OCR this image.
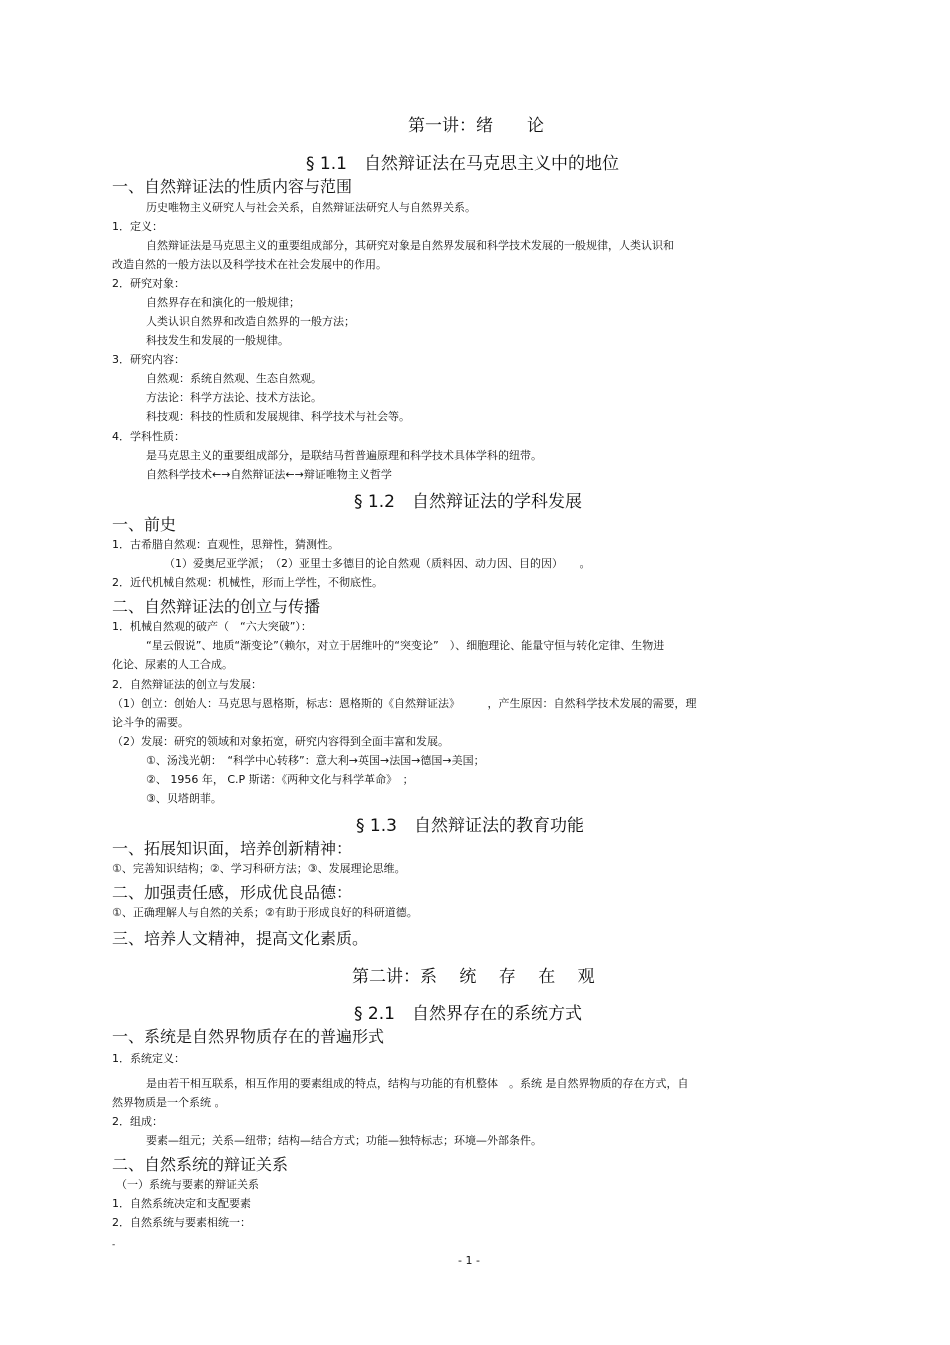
第一讲：绪　　论
§ 1.1　自然辩证法在马克思主义中的地位
一、自然辩证法的性质内容与范围
历史唯物主义研究人与社会关系，自然辩证法研究人与自然界关系。
1．定义：
自然辩证法是马克思主义的重要组成部分，其研究对象是自然界发展和科学技术发展的一般规律，人类认识和
改造自然的一般方法以及科学技术在社会发展中的作用。
2．研究对象：
自然界存在和演化的一般规律；
人类认识自然界和改造自然界的一般方法；
科技发生和发展的一般规律。
3．研究内容：
自然观：系统自然观、生态自然观。
方法论：科学方法论、技术方法论。
科技观：科技的性质和发展规律、科学技术与社会等。
4．学科性质：
是马克思主义的重要组成部分，是联结马哲普遍原理和科学技术具体学科的纽带。
自然科学技术←→自然辩证法←→辩证唯物主义哲学
§ 1.2　自然辩证法的学科发展
一、前史
1．古希腊自然观：直观性，思辩性，猜测性。
（1）爱奥尼亚学派；　（2）亚里士多德目的论自然观（质料因、动力因、目的因）　　。
2．近代机械自然观：机械性，形而上学性，不彻底性。
二、自然辩证法的创立与传播
1．机械自然观的破产（　“六大突破”）：
“星云假说”、地质“渐变论”（赖尔，对立于居维叶的“突变论”　）、细胞理论、能量守恒与转化定律、生物进
化论、尿素的人工合成。
2．自然辩证法的创立与发展：
（1）创立：创始人：马克思与恩格斯，标志：恩格斯的《自然辩证法》　　　，产生原因：自然科学技术发展的需要，理
论斗争的需要。
（2）发展：研究的领域和对象拓宽，研究内容得到全面丰富和发展。
①、汤浅光朝：　“科学中心转移”：意大利→英国→法国→德国→美国；
②、 1956 年， C.P 斯诺：《两种文化与科学革命》　；
③、贝塔朗菲。
§ 1.3　自然辩证法的教育功能
一、拓展知识面，培养创新精神：
①、完善知识结构；②、学习科研方法；③、发展理论思维。
二、加强责任感，形成优良品德：
①、正确理解人与自然的关系；②有助于形成良好的科研道德。
三、培养人文精神，提高文化素质。
第二讲：系　 统　 存　 在　 观
§ 2.1　自然界存在的系统方式
一、系统是自然界物质存在的普遍形式
1．系统定义：
是由若干相互联系，相互作用的要素组成的特点，结构与功能的有机整体　。系统 是自然界物质的存在方式，自
然界物质是一个系统 。
2．组成：
要素—组元；关系—纽带；结构—结合方式；功能—独特标志；环境—外部条件。
二、自然系统的辩证关系
（一）系统与要素的辩证关系
1．自然系统决定和支配要素
2．自然系统与要素相统一：
-
- 1 -
